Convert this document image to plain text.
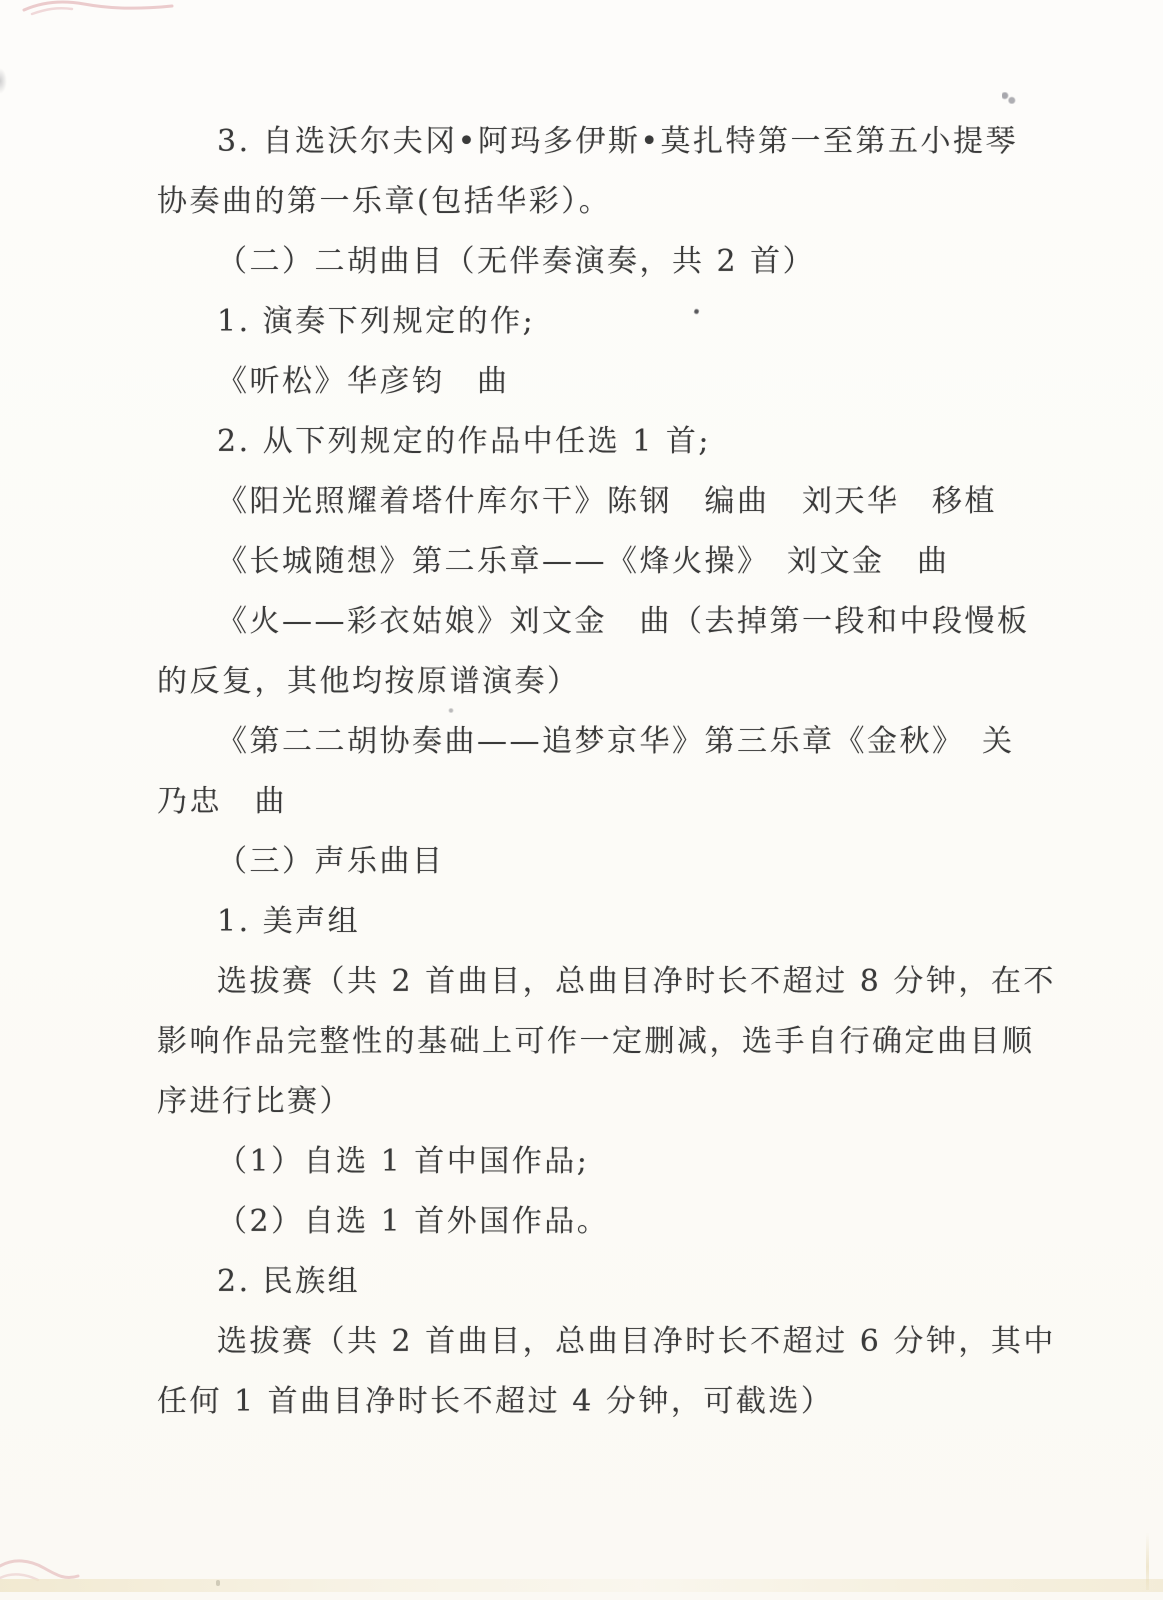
3. 自选沃尔夫冈•阿玛多伊斯•莫扎特第一至第五小提琴
协奏曲的第一乐章(包括华彩）。
（二）二胡曲目（无伴奏演奏，共 2 首）
1. 演奏下列规定的作;
《听松》华彦钧　曲
2. 从下列规定的作品中任选 1 首;
《阳光照耀着塔什库尔干》陈钢　编曲　刘天华　移植
《长城随想》第二乐章——《烽火操》　刘文金　曲
《火——彩衣姑娘》刘文金　曲（去掉第一段和中段慢板
的反复，其他均按原谱演奏）
《第二二胡协奏曲——追梦京华》第三乐章《金秋》　关
乃忠　曲
（三）声乐曲目
1. 美声组
选拔赛（共 2 首曲目，总曲目净时长不超过 8 分钟，在不
影响作品完整性的基础上可作一定删减，选手自行确定曲目顺
序进行比赛）
（1）自选 1 首中国作品;
（2）自选 1 首外国作品。
2. 民族组
选拔赛（共 2 首曲目，总曲目净时长不超过 6 分钟，其中
任何 1 首曲目净时长不超过 4 分钟，可截选）
